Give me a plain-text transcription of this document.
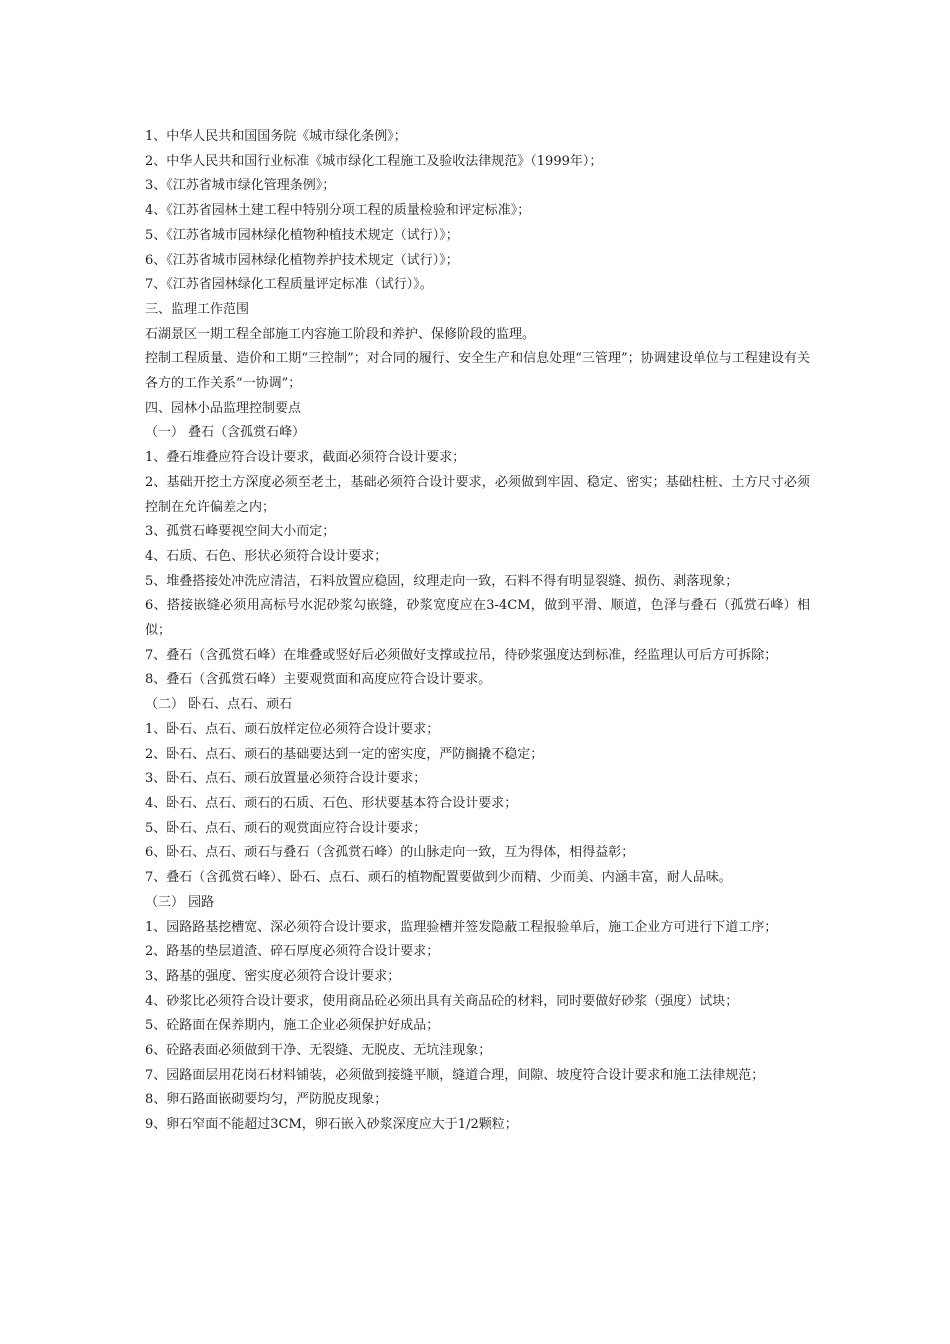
1、中华人民共和国国务院《城市绿化条例》；
2、中华人民共和国行业标准《城市绿化工程施工及验收法律规范》（1999年）；
3、《江苏省城市绿化管理条例》；
4、《江苏省园林土建工程中特别分项工程的质量检验和评定标准》；
5、《江苏省城市园林绿化植物种植技术规定（试行）》；
6、《江苏省城市园林绿化植物养护技术规定（试行）》；
7、《江苏省园林绿化工程质量评定标准（试行）》。
三、监理工作范围
石湖景区一期工程全部施工内容施工阶段和养护、保修阶段的监理。
控制工程质量、造价和工期“三控制”；对合同的履行、安全生产和信息处理“三管理”；协调建设单位与工程建设有关各方的工作关系“一协调”；
四、园林小品监理控制要点
（一） 叠石（含孤赏石峰）
1、叠石堆叠应符合设计要求，截面必须符合设计要求；
2、基础开挖土方深度必须至老土，基础必须符合设计要求，必须做到牢固、稳定、密实；基础柱桩、土方尺寸必须控制在允许偏差之内；
3、孤赏石峰要视空间大小而定；
4、石质、石色、形状必须符合设计要求；
5、堆叠搭接处冲洗应清洁，石料放置应稳固，纹理走向一致，石料不得有明显裂缝、损伤、剥落现象；
6、搭接嵌缝必须用高标号水泥砂浆勾嵌缝，砂浆宽度应在3-4CM，做到平滑、顺道，色泽与叠石（孤赏石峰）相似；
7、叠石（含孤赏石峰）在堆叠或竖好后必须做好支撑或拉吊，待砂浆强度达到标准，经监理认可后方可拆除；
8、叠石（含孤赏石峰）主要观赏面和高度应符合设计要求。
（二） 卧石、点石、顽石
1、卧石、点石、顽石放样定位必须符合设计要求；
2、卧石、点石、顽石的基础要达到一定的密实度，严防搁撬不稳定；
3、卧石、点石、顽石放置量必须符合设计要求；
4、卧石、点石、顽石的石质、石色、形状要基本符合设计要求；
5、卧石、点石、顽石的观赏面应符合设计要求；
6、卧石、点石、顽石与叠石（含孤赏石峰）的山脉走向一致，互为得体，相得益彰；
7、叠石（含孤赏石峰）、卧石、点石、顽石的植物配置要做到少而精、少而美、内涵丰富，耐人品味。
（三） 园路
1、园路路基挖槽宽、深必须符合设计要求，监理验槽并签发隐蔽工程报验单后，施工企业方可进行下道工序；
2、路基的垫层道渣、碎石厚度必须符合设计要求；
3、路基的强度、密实度必须符合设计要求；
4、砂浆比必须符合设计要求，使用商品砼必须出具有关商品砼的材料，同时要做好砂浆（强度）试块；
5、砼路面在保养期内，施工企业必须保护好成品；
6、砼路表面必须做到干净、无裂缝、无脱皮、无坑洼现象；
7、园路面层用花岗石材料铺装，必须做到接缝平顺，缝道合理，间隙、坡度符合设计要求和施工法律规范；
8、卵石路面嵌砌要均匀，严防脱皮现象；
9、卵石窄面不能超过3CM，卵石嵌入砂浆深度应大于1/2颗粒；
